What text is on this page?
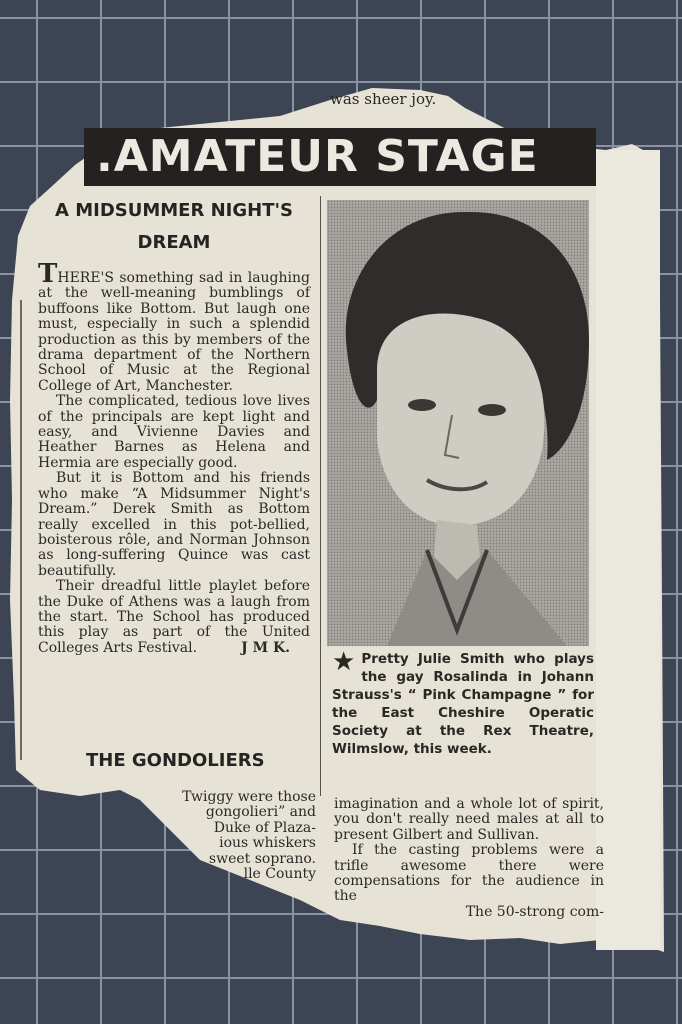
was sheer joy.
.AMATEUR STAGE
A MIDSUMMER NIGHT'S
DREAM

THERE'S something sad in laughing at the well-meaning bumblings of buffoons like Bottom. But laugh one must, especially in such a splendid production as this by members of the drama department of the Northern School of Music at the Regional College of Art, Manchester.

The complicated, tedious love lives of the principals are kept light and easy, and Vivienne Davies and Heather Barnes as Helena and Hermia are especially good.

But it is Bottom and his friends who make “A Midsummer Night's Dream.” Derek Smith as Bottom really excelled in this pot-bellied, boisterous rôle, and Norman Johnson as long-suffering Quince was cast beautifully.

Their dreadful little playlet before the Duke of Athens was a laugh from the start. The School has produced this play as part of the United Colleges Arts Festival.	J M K.
THE GONDOLIERS
Twiggy were those
gongolieri” and
Duke of Plaza-
ious whiskers
sweet soprano.
lle County

imagination and a whole lot of spirit, you don't really need males at all to present Gilbert and Sullivan.

If the casting problems were a trifle awesome there were compensations for the audience in the

The 50-strong com-

★ Pretty Julie Smith who plays the gay Rosalinda in Johann Strauss's “ Pink Champagne ” for the East Cheshire Operatic Society at the Rex Theatre, Wilmslow, this week.
